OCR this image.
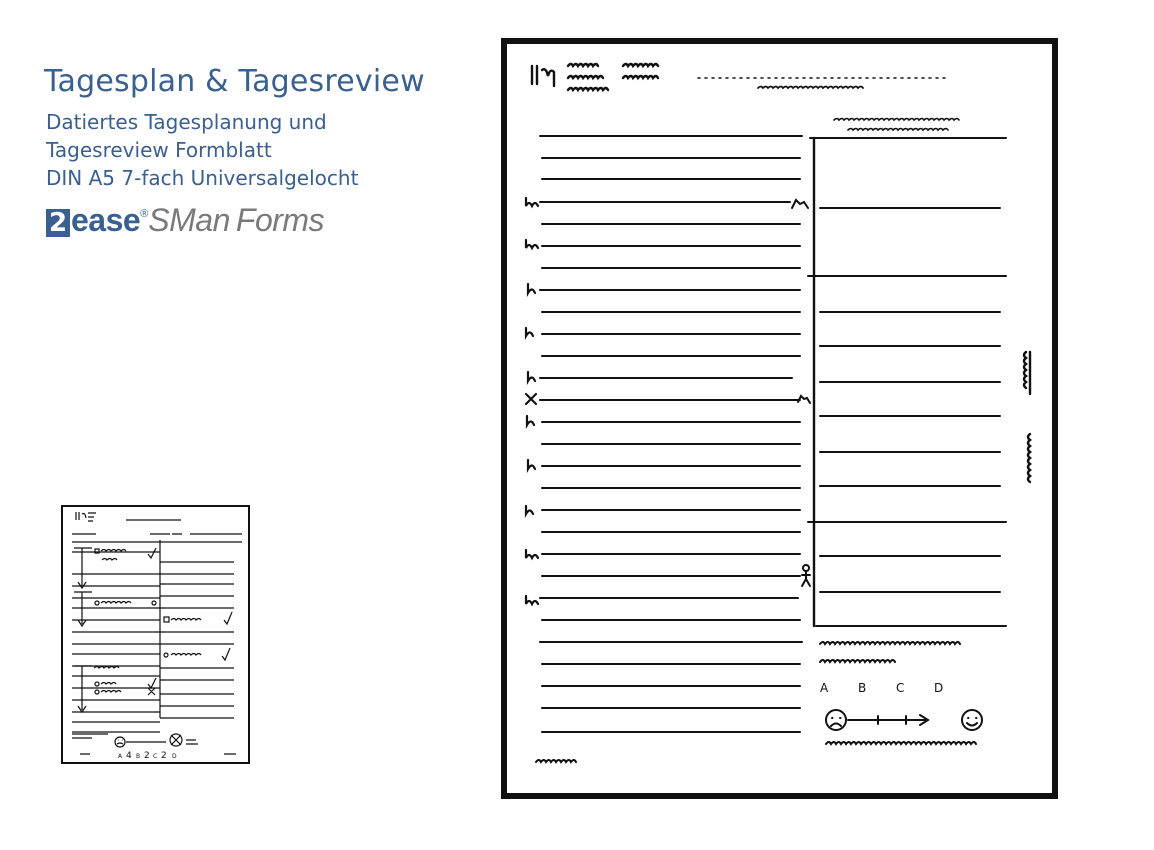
Tagesplan & Tagesreview
Datiertes Tagesplanung und
Tagesreview Formblatt
DIN A5 7-fach Universalgelocht
2 ease ® SMan Forms
A 4 B 2 C 2 D
A B C D
